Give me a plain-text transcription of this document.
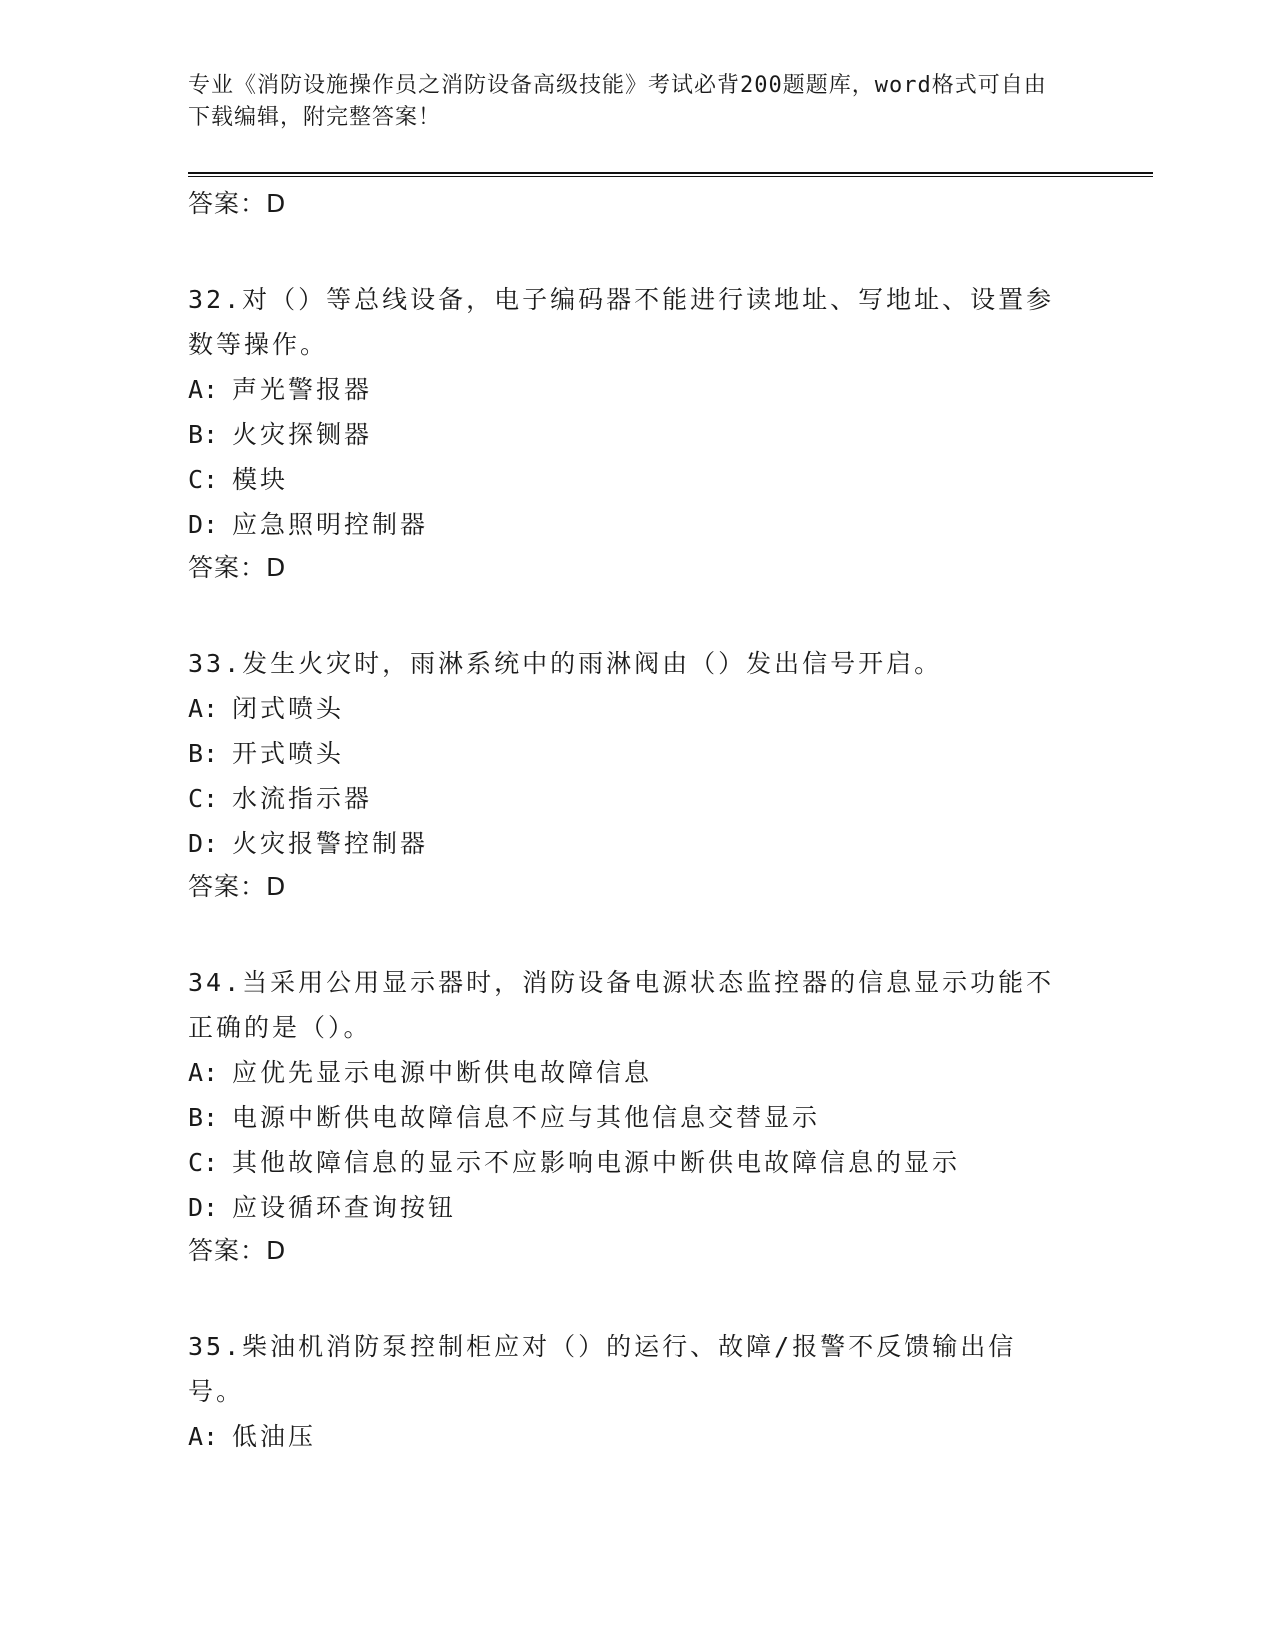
专业《消防设施操作员之消防设备高级技能》考试必背200题题库，word格式可自由下载编辑，附完整答案！

答案：D

32.对（）等总线设备，电子编码器不能进行读地址、写地址、设置参数等操作。

A: 声光警报器

B: 火灾探铡器

C: 模块

D: 应急照明控制器

答案：D

33.发生火灾时，雨淋系统中的雨淋阀由（）发出信号开启。

A: 闭式喷头

B: 开式喷头

C: 水流指示器

D: 火灾报警控制器

答案：D

34.当采用公用显示器时，消防设备电源状态监控器的信息显示功能不正确的是（）。

A: 应优先显示电源中断供电故障信息

B: 电源中断供电故障信息不应与其他信息交替显示

C: 其他故障信息的显示不应影响电源中断供电故障信息的显示

D: 应设循环查询按钮

答案：D

35.柴油机消防泵控制柜应对（）的运行、故障/报警不反馈输出信号。

A: 低油压
